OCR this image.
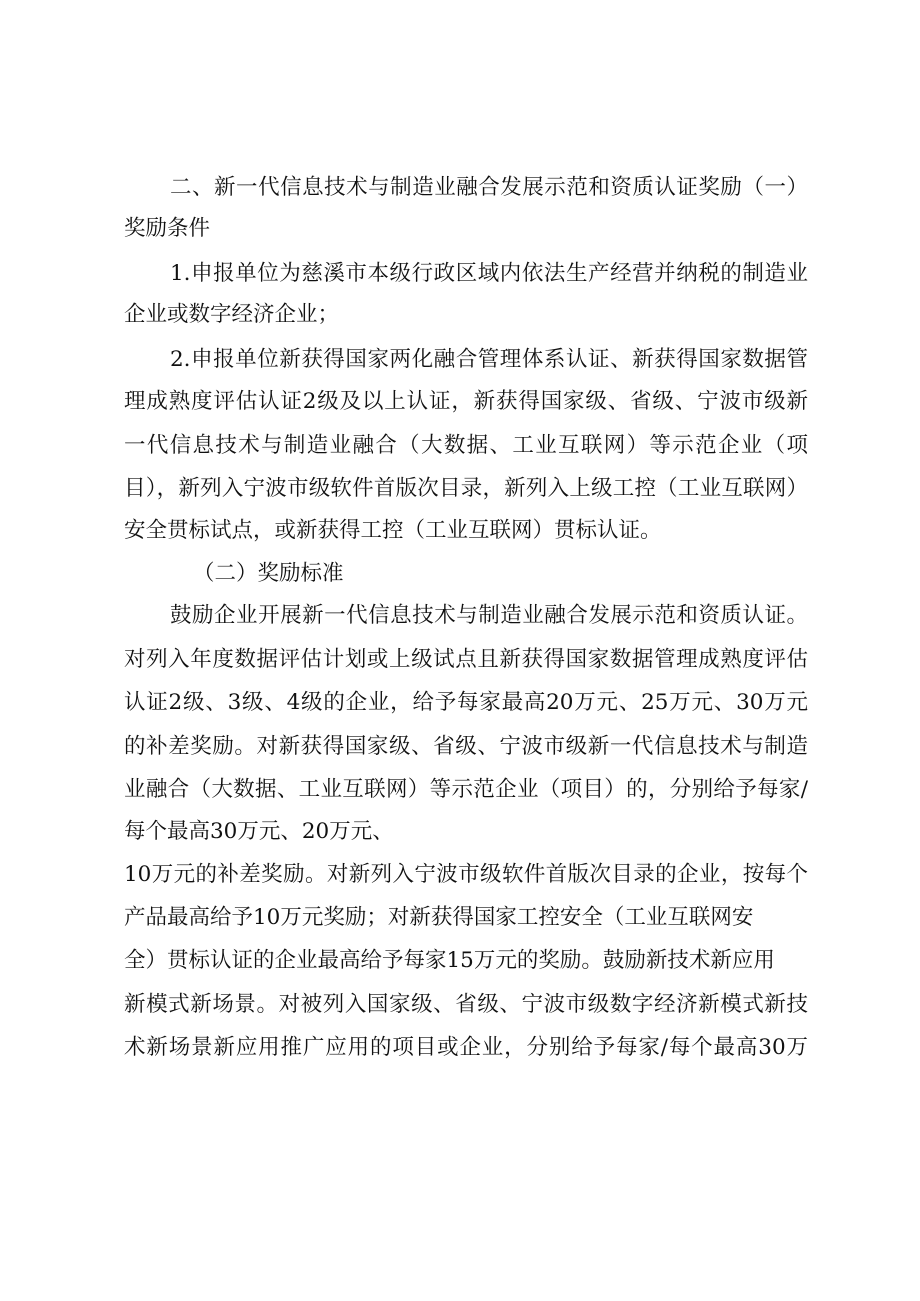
二、新一代信息技术与制造业融合发展示范和资质认证奖励（一）
奖励条件
1.申报单位为慈溪市本级行政区域内依法生产经营并纳税的制造业
企业或数字经济企业；
2.申报单位新获得国家两化融合管理体系认证、新获得国家数据管
理成熟度评估认证2级及以上认证，新获得国家级、省级、宁波市级新
一代信息技术与制造业融合（大数据、工业互联网）等示范企业（项
目），新列入宁波市级软件首版次目录，新列入上级工控（工业互联网）
安全贯标试点，或新获得工控（工业互联网）贯标认证。
（二）奖励标准
鼓励企业开展新一代信息技术与制造业融合发展示范和资质认证。
对列入年度数据评估计划或上级试点且新获得国家数据管理成熟度评估
认证2级、3级、4级的企业，给予每家最高20万元、25万元、30万元
的补差奖励。对新获得国家级、省级、宁波市级新一代信息技术与制造
业融合（大数据、工业互联网）等示范企业（项目）的，分别给予每家/
每个最高30万元、20万元、
10万元的补差奖励。对新列入宁波市级软件首版次目录的企业，按每个
产品最高给予10万元奖励；对新获得国家工控安全（工业互联网安
全）贯标认证的企业最高给予每家15万元的奖励。鼓励新技术新应用
新模式新场景。对被列入国家级、省级、宁波市级数字经济新模式新技
术新场景新应用推广应用的项目或企业，分别给予每家/每个最高30万
